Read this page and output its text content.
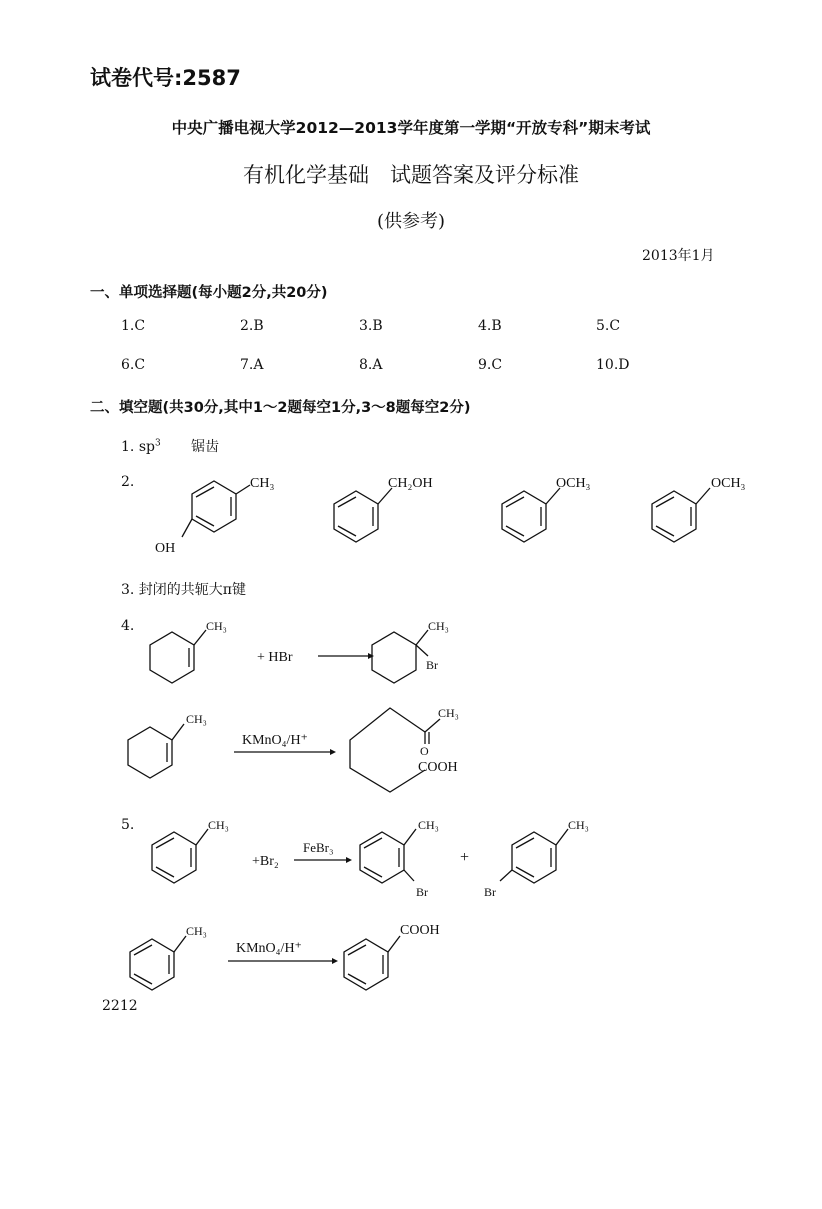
试卷代号:2587
中央广播电视大学2012—2013学年度第一学期“开放专科”期末考试
有机化学基础　试题答案及评分标准
(供参考)
2013年1月
一、单项选择题(每小题2分,共20分)
1.C	2.B	3.B	4.B	5.C
6.C	7.A	8.A	9.C	10.D
二、填空题(共30分,其中1～2题每空1分,3～8题每空2分)
1. $sp^3$ 锯齿
2.
3. 封闭的共轭大π键
4.
5.
CH₃
OH
CH₂OH	OCH₃	OCH₃
CH₃
+ HBr
CH₃
Br
CH₃
KMnO₄/H⁺
CH₃
O
COOH
CH₃
+Br₂
FeBr₃
CH₃
Br
+
CH₃
Br
CH₃
KMnO₄/H⁺
COOH
2212
